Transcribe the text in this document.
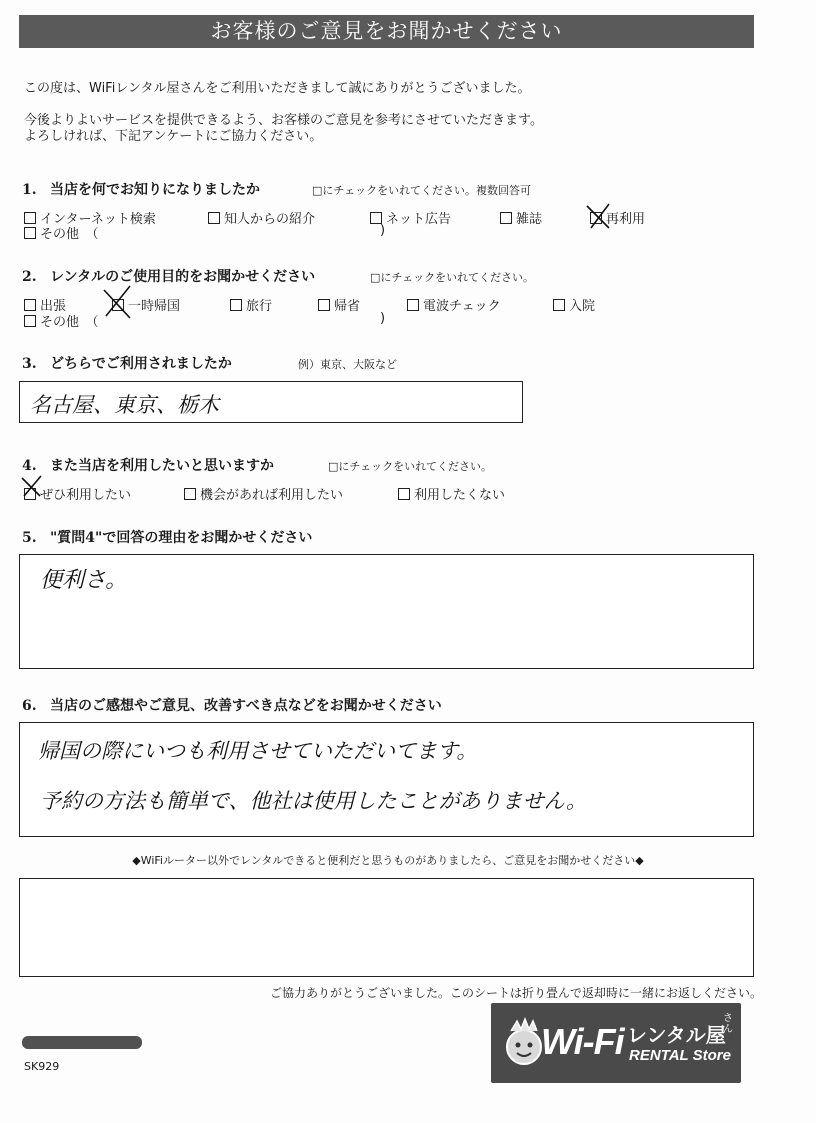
お客様のご意見をお聞かせください
この度は、WiFiレンタル屋さんをご利用いただきまして誠にありがとうございました。
今後よりよいサービスを提供できるよう、お客様のご意見を参考にさせていただきます。
よろしければ、下記アンケートにご協力ください。
1. 当店を何でお知りになりましたか	□にチェックをいれてください。複数回答可
インターネット検索	知人からの紹介	ネット広告	雑誌	再利用
その他　（	)
2. レンタルのご使用目的をお聞かせください	□にチェックをいれてください。
出張	一時帰国	旅行	帰省	電波チェック	入院
その他　（	)
3. どちらでご利用されましたか	例）東京、大阪など
名古屋、東京、栃木
4. また当店を利用したいと思いますか	□にチェックをいれてください。
ぜひ利用したい	機会があれば利用したい	利用したくない
5. "質問4"で回答の理由をお聞かせください
便利さ。
6. 当店のご感想やご意見、改善すべき点などをお聞かせください
帰国の際にいつも利用させていただいてます。
予約の方法も簡単で、他社は使用したことがありません。
◆WiFiルーター以外でレンタルできると便利だと思うものがありましたら、ご意見をお聞かせください◆
ご協力ありがとうございました。このシートは折り畳んで返却時に一緒にお返しください。
SK929
Wi-Fi レンタル屋
さん
RENTAL Store
